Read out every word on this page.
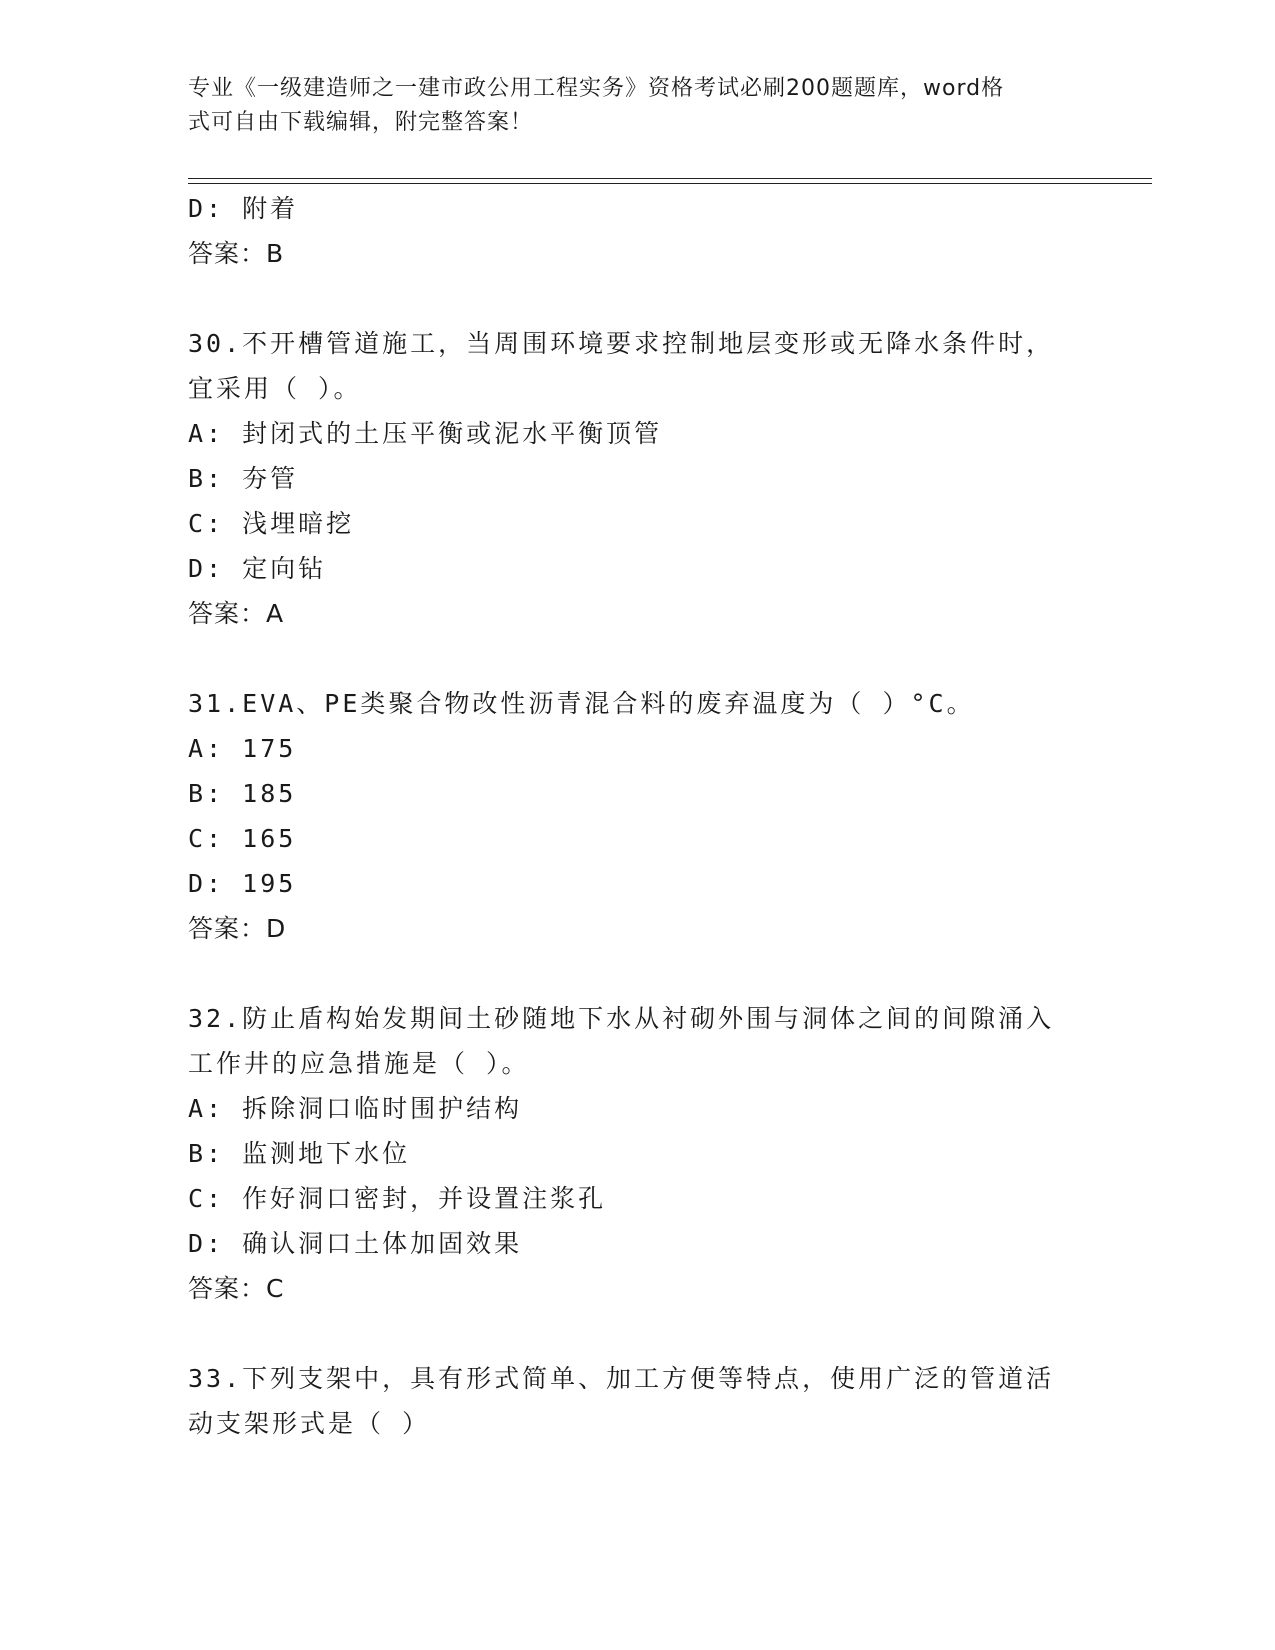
专业《一级建造师之一建市政公用工程实务》资格考试必刷200题题库，word格
式可自由下载编辑，附完整答案！
D: 附着
答案：B
30.不开槽管道施工，当周围环境要求控制地层变形或无降水条件时，
宜采用（ ）。
A: 封闭式的土压平衡或泥水平衡顶管
B: 夯管
C: 浅埋暗挖
D: 定向钻
答案：A
31.EVA、PE类聚合物改性沥青混合料的废弃温度为（ ）°C。
A: 175
B: 185
C: 165
D: 195
答案：D
32.防止盾构始发期间土砂随地下水从衬砌外围与洞体之间的间隙涌入
工作井的应急措施是（ ）。
A: 拆除洞口临时围护结构
B: 监测地下水位
C: 作好洞口密封，并设置注浆孔
D: 确认洞口土体加固效果
答案：C
33.下列支架中，具有形式简单、加工方便等特点，使用广泛的管道活
动支架形式是（ ）
